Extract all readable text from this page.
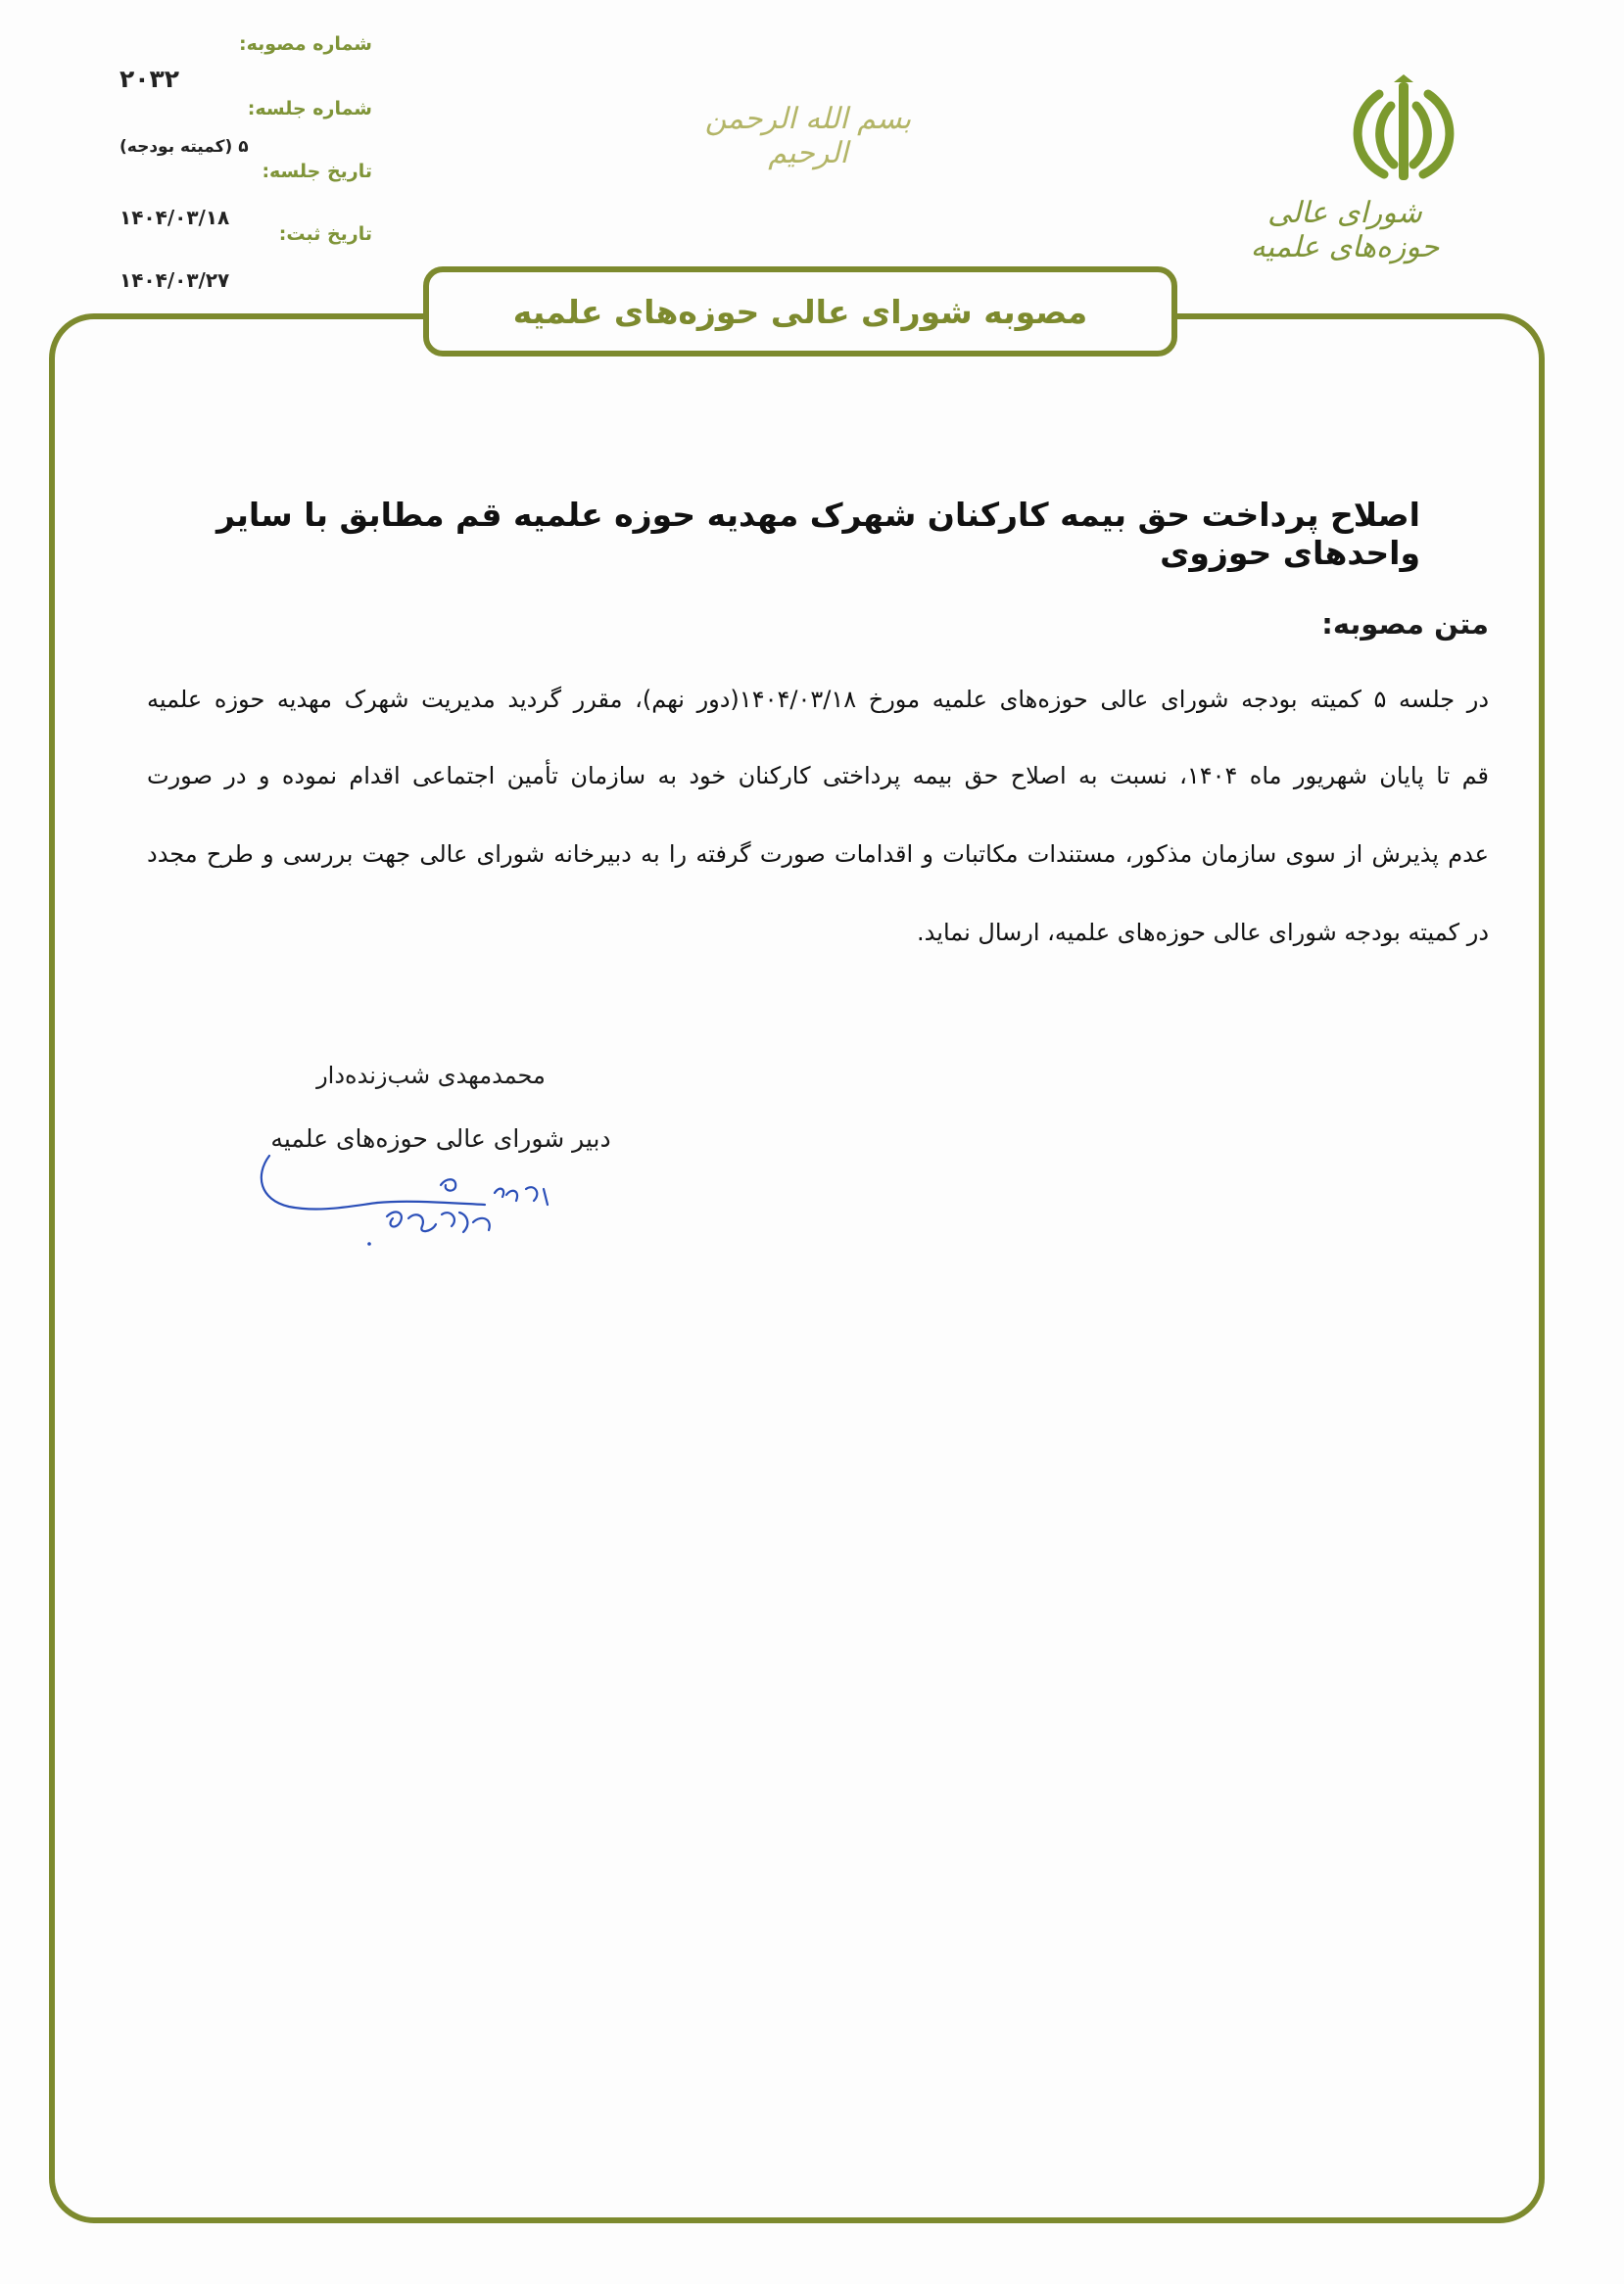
شورای عالی حوزه‌های علمیه
بسم الله الرحمن الرحیم
شماره مصوبه:
۲۰۳۲
شماره جلسه:
۵ (کمیته بودجه)
تاریخ جلسه:
۱۴۰۴/۰۳/۱۸
تاریخ ثبت:
۱۴۰۴/۰۳/۲۷
مصوبه شورای عالی حوزه‌های علمیه
اصلاح پرداخت حق بیمه کارکنان شهرک مهدیه حوزه علمیه قم مطابق با سایر واحدهای حوزوی
متن مصوبه:
در جلسه ۵ کمیته بودجه شورای عالی حوزه‌های علمیه مورخ ۱۴۰۴/۰۳/۱۸(دور نهم)، مقرر گردید مدیریت شهرک مهدیه حوزه علمیه
قم تا پایان شهریور ماه ۱۴۰۴، نسبت به اصلاح حق بیمه پرداختی کارکنان خود به سازمان تأمین اجتماعی اقدام نموده و در صورت
عدم پذیرش از سوی سازمان مذکور، مستندات مکاتبات و اقدامات صورت گرفته را به دبیرخانه شورای عالی جهت بررسی و طرح مجدد
در کمیته بودجه شورای عالی حوزه‌های علمیه، ارسال نماید.
محمدمهدی شب‌زنده‌دار
دبیر شورای عالی حوزه‌های علمیه
